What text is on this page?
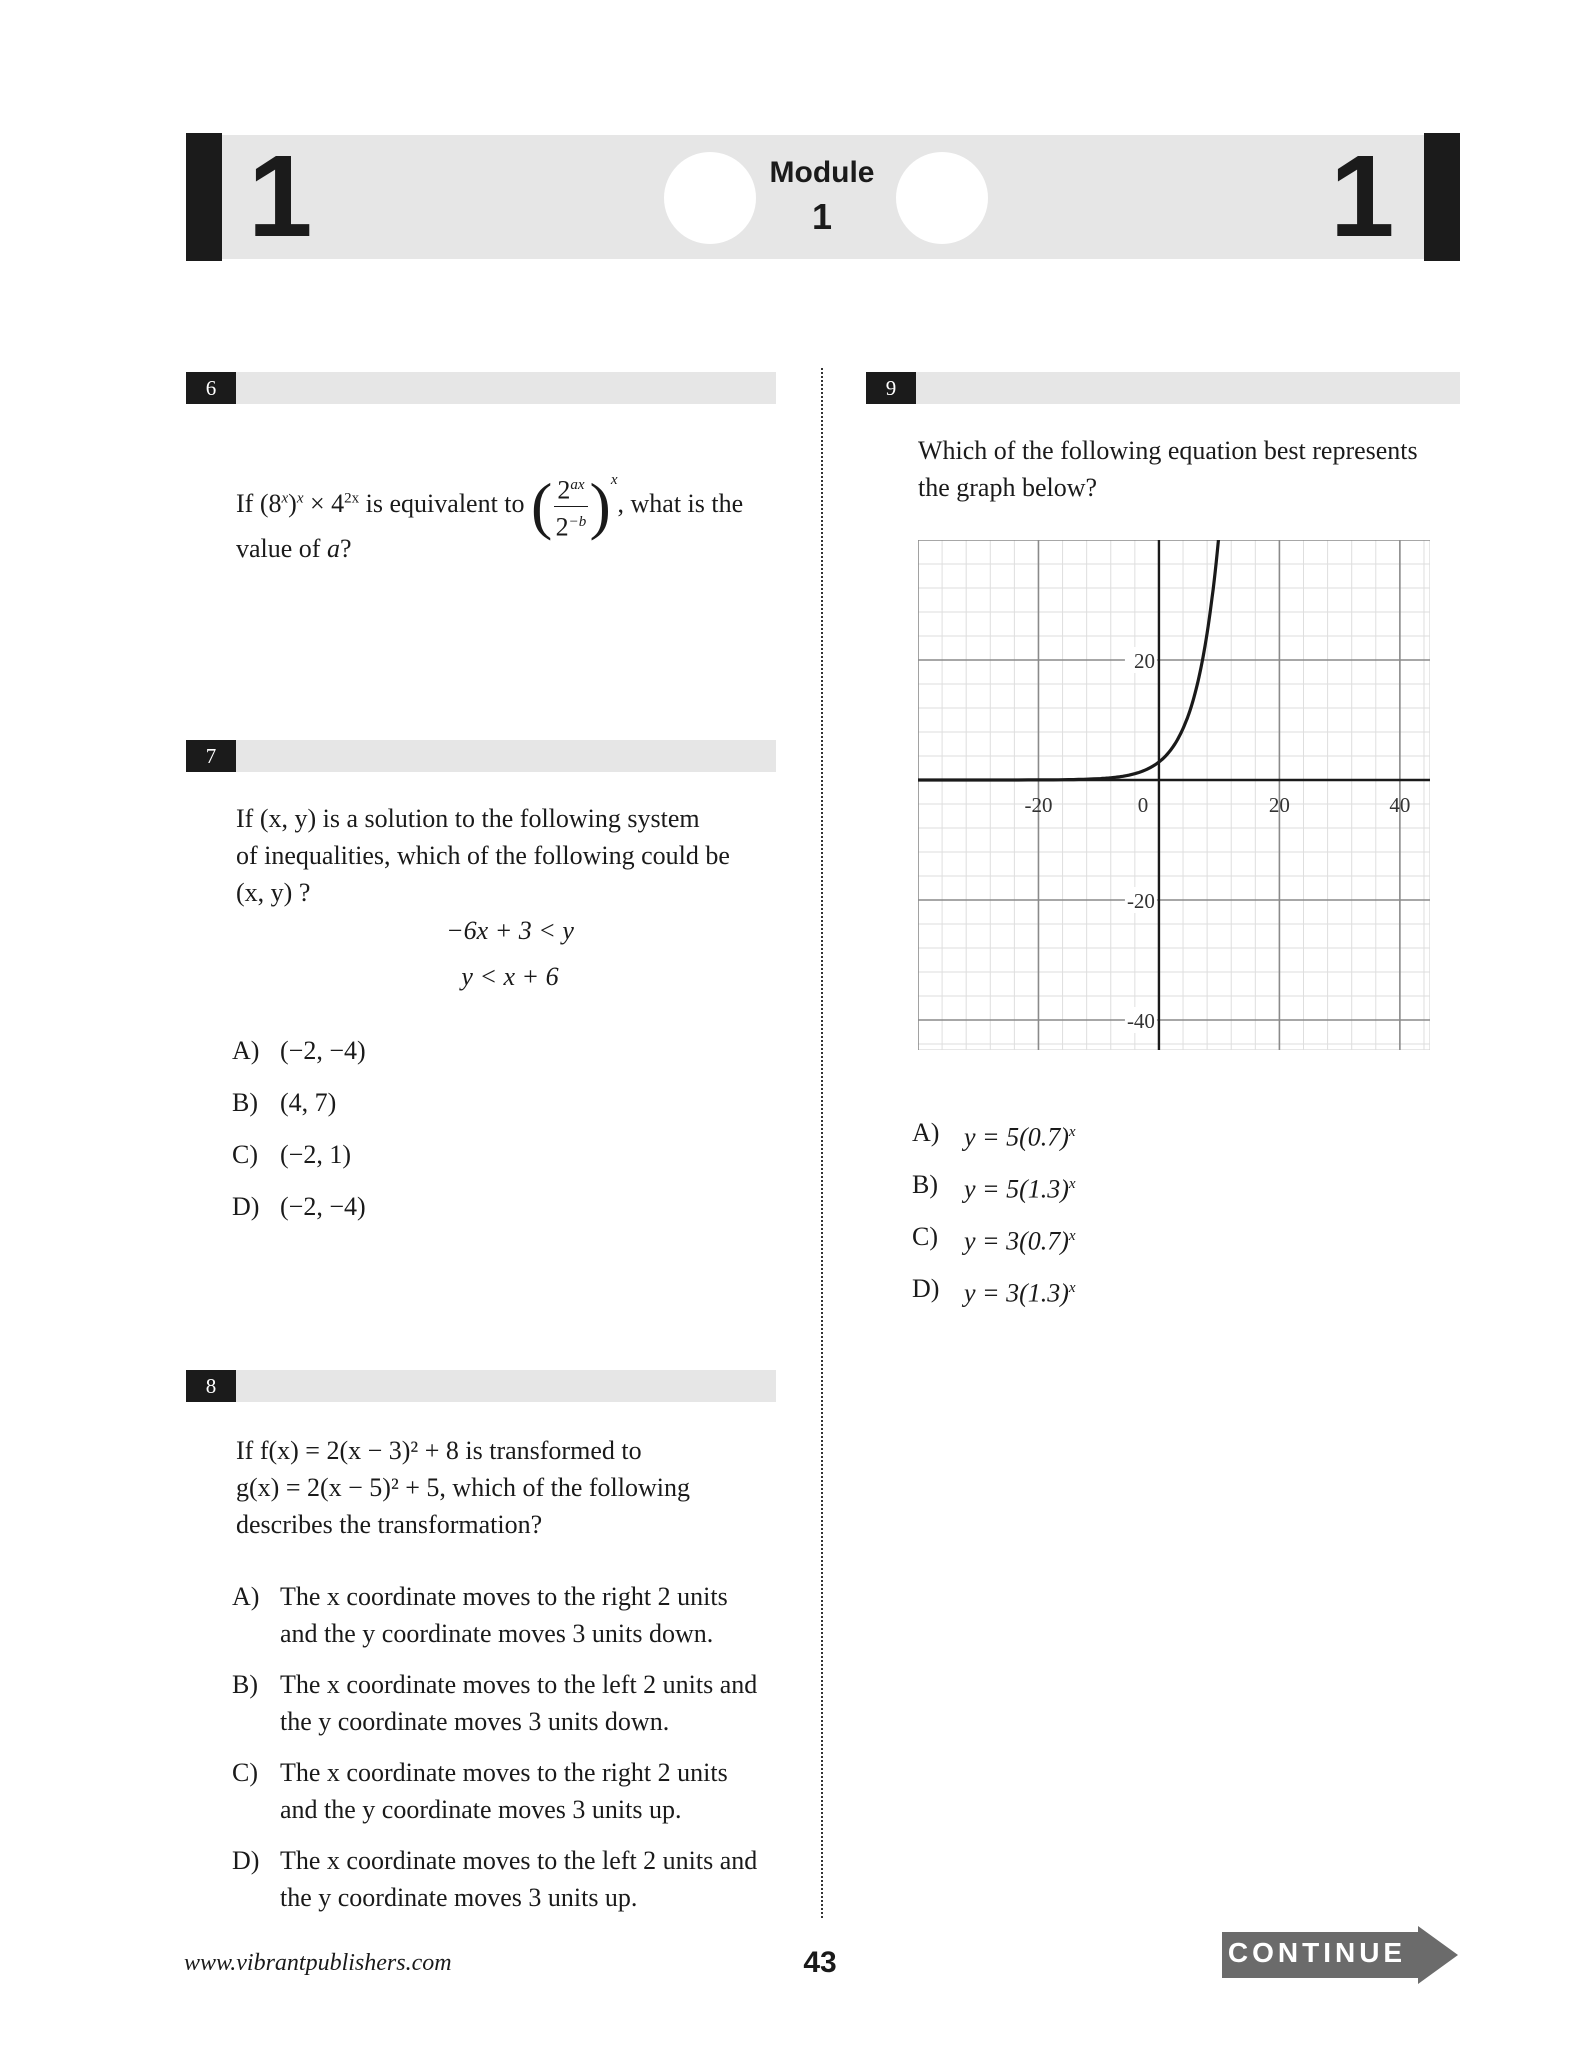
1	1
Module
1
6
If $(8^x)^x \times 4^{2x}$ is equivalent to ( $\frac{2^{ax}}{2^{-b}} )^x$, what is the
value of a?
7
If (x, y) is a solution to the following system
of inequalities, which of the following could be
(x, y) ?
−6x + 3 < y
y < x + 6
A) (−2, −4)
B) (4, 7)
C) (−2, 1)
D) (−2, −4)
8
If f(x) = 2(x − 3)² + 8 is transformed to
g(x) = 2(x − 5)² + 5, which of the following
describes the transformation?
A) The x coordinate moves to the right 2 units
and the y coordinate moves 3 units down.
B) The x coordinate moves to the left 2 units and
the y coordinate moves 3 units down.
C) The x coordinate moves to the right 2 units
and the y coordinate moves 3 units up.
D) The x coordinate moves to the left 2 units and
the y coordinate moves 3 units up.
9
Which of the following equation best represents
the graph below?
-20	0	20	40
20
-20
-40
A) $y = 5(0.7)^x$
B) $y = 5(1.3)^x$
C) $y = 3(0.7)^x$
D) $y = 3(1.3)^x$
www.vibrantpublishers.com	43	CONTINUE
